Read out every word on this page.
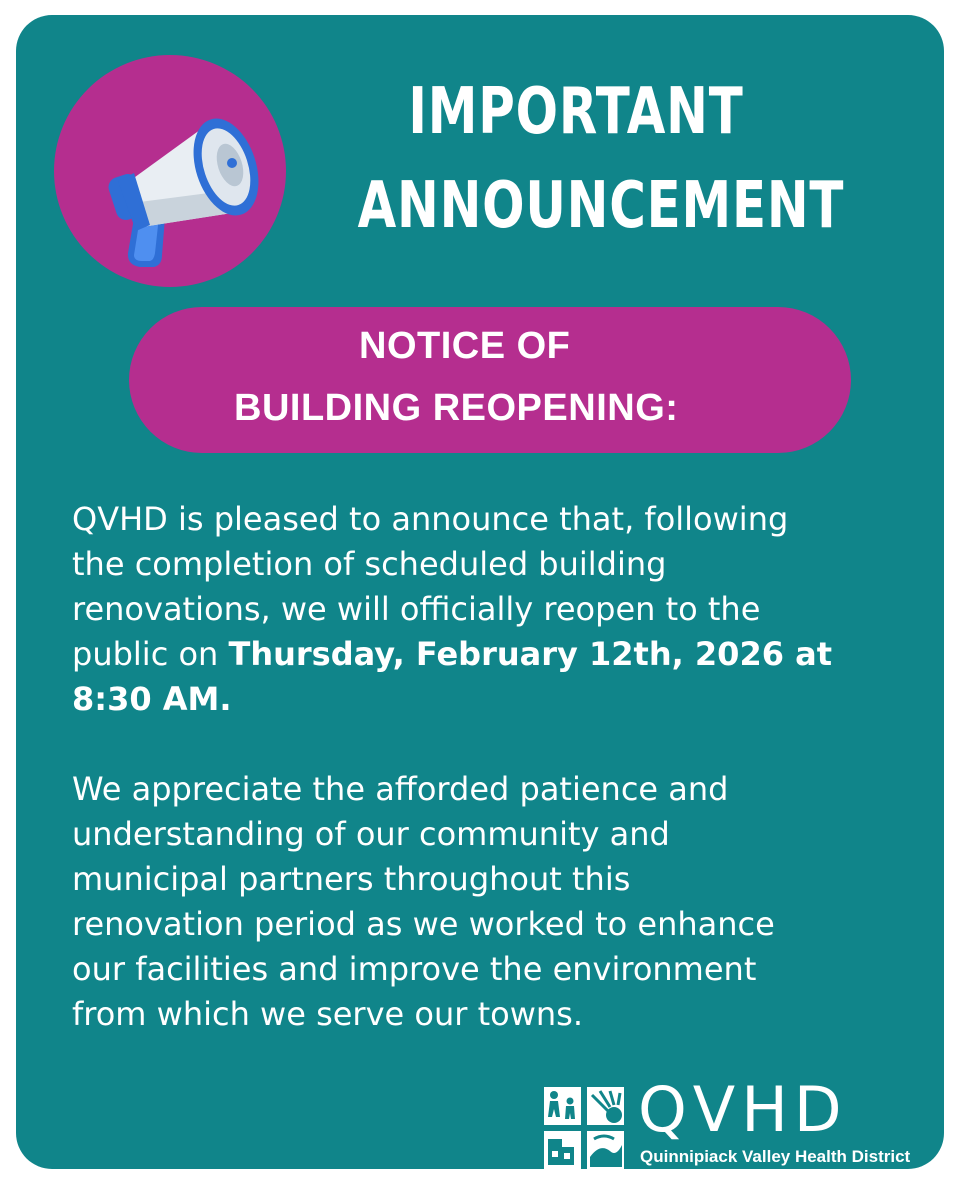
IMPORTANT
ANNOUNCEMENT
NOTICE OF
BUILDING REOPENING:

QVHD is pleased to announce that, following

the completion of scheduled building

renovations, we will officially reopen to the

public on Thursday, February 12th, 2026 at

8:30 AM.

We appreciate the afforded patience and

understanding of our community and

municipal partners throughout this

renovation period as we worked to enhance

our facilities and improve the environment

from which we serve our towns.

QVHD
Quinnipiack Valley Health District
